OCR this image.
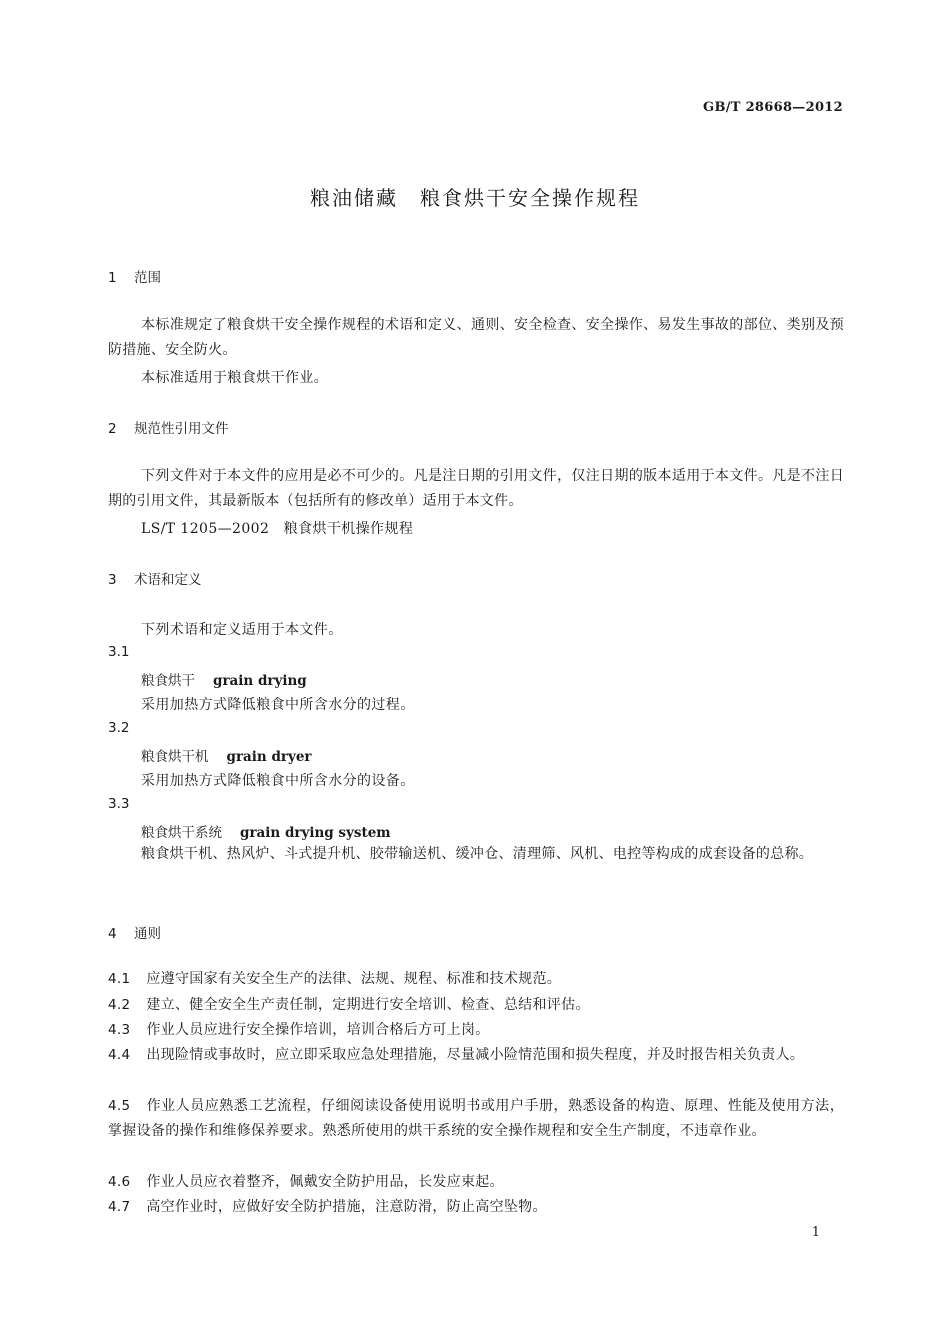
GB/T 28668—2012
粮油储藏　粮食烘干安全操作规程
1 范围
本标准规定了粮食烘干安全操作规程的术语和定义、通则、安全检查、安全操作、易发生事故的部位、类别及预防措施、安全防火。
本标准适用于粮食烘干作业。
2 规范性引用文件
下列文件对于本文件的应用是必不可少的。凡是注日期的引用文件，仅注日期的版本适用于本文件。凡是不注日期的引用文件，其最新版本（包括所有的修改单）适用于本文件。
LS/T 1205—2002　粮食烘干机操作规程
3 术语和定义
下列术语和定义适用于本文件。
3.1
粮食烘干 grain drying
采用加热方式降低粮食中所含水分的过程。
3.2
粮食烘干机 grain dryer
采用加热方式降低粮食中所含水分的设备。
3.3
粮食烘干系统 grain drying system
粮食烘干机、热风炉、斗式提升机、胶带输送机、缓冲仓、清理筛、风机、电控等构成的成套设备的总称。
4 通则
4.1 应遵守国家有关安全生产的法律、法规、规程、标准和技术规范。
4.2 建立、健全安全生产责任制，定期进行安全培训、检查、总结和评估。
4.3 作业人员应进行安全操作培训，培训合格后方可上岗。
4.4 出现险情或事故时，应立即采取应急处理措施，尽量减小险情范围和损失程度，并及时报告相关负责人。
4.5 作业人员应熟悉工艺流程，仔细阅读设备使用说明书或用户手册，熟悉设备的构造、原理、性能及使用方法，掌握设备的操作和维修保养要求。熟悉所使用的烘干系统的安全操作规程和安全生产制度，不违章作业。
4.6 作业人员应衣着整齐，佩戴安全防护用品，长发应束起。
4.7 高空作业时，应做好安全防护措施，注意防滑，防止高空坠物。
1
